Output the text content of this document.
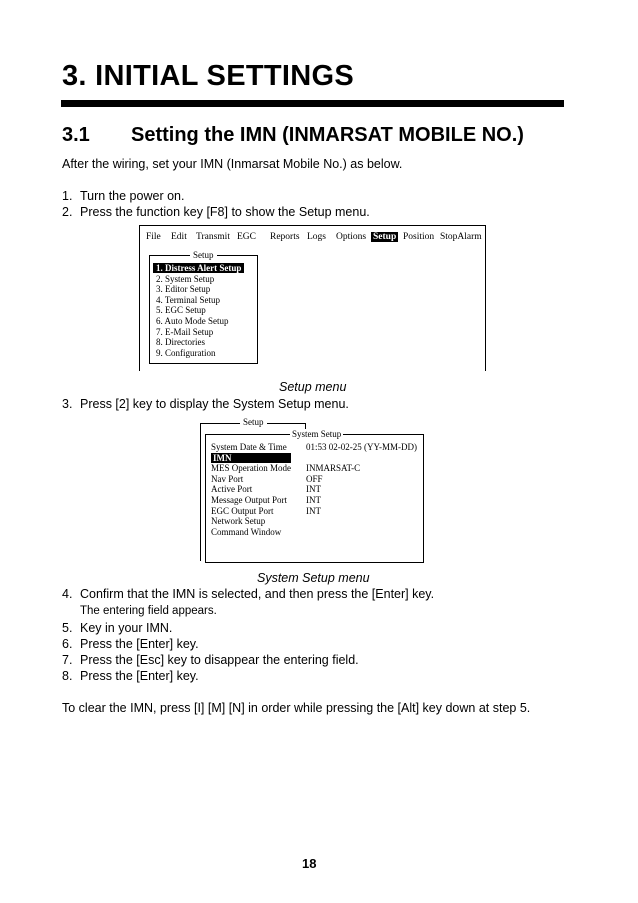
3. INITIAL SETTINGS
3.1 Setting the IMN (INMARSAT MOBILE NO.)
After the wiring, set your IMN (Inmarsat Mobile No.) as below.
1. Turn the power on.
2. Press the function key [F8] to show the Setup menu.
File Edit Transmit EGC Reports Logs Options Setup Position StopAlarm
Setup
1. Distress Alert Setup
2. System Setup
3. Editor Setup
4. Terminal Setup
5. EGC Setup
6. Auto Mode Setup
7. E-Mail Setup
8. Directories
9. Configuration
Setup menu
3. Press [2] key to display the System Setup menu.
Setup
System Setup
System Date & Time
IMN
MES Operation Mode
Nav Port
Active Port
Message Output Port
EGC Output Port
Network Setup
Command Window
01:53 02-02-25 (YY-MM-DD)
INMARSAT-C
OFF
INT
INT
INT
System Setup menu
4. Confirm that the IMN is selected, and then press the [Enter] key.
The entering field appears.
5. Key in your IMN.
6. Press the [Enter] key.
7. Press the [Esc] key to disappear the entering field.
8. Press the [Enter] key.
To clear the IMN, press [I] [M] [N] in order while pressing the [Alt] key down at step 5.
18
